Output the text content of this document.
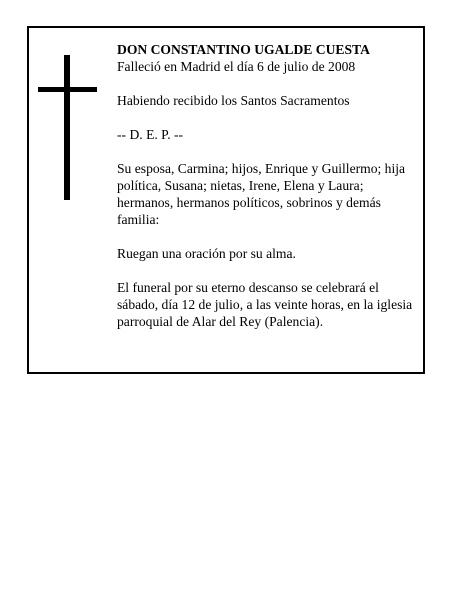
DON CONSTANTINO UGALDE CUESTA

Falleció en Madrid el día 6 de julio de 2008

Habiendo recibido los Santos Sacramentos

-- D. E. P. --

Su esposa, Carmina; hijos, Enrique y Guillermo; hija política, Susana; nietas, Irene, Elena y Laura; hermanos, hermanos políticos, sobrinos y demás familia:

Ruegan una oración por su alma.

El funeral por su eterno descanso se celebrará el sábado, día 12 de julio, a las veinte horas, en la iglesia parroquial de Alar del Rey (Palencia).
